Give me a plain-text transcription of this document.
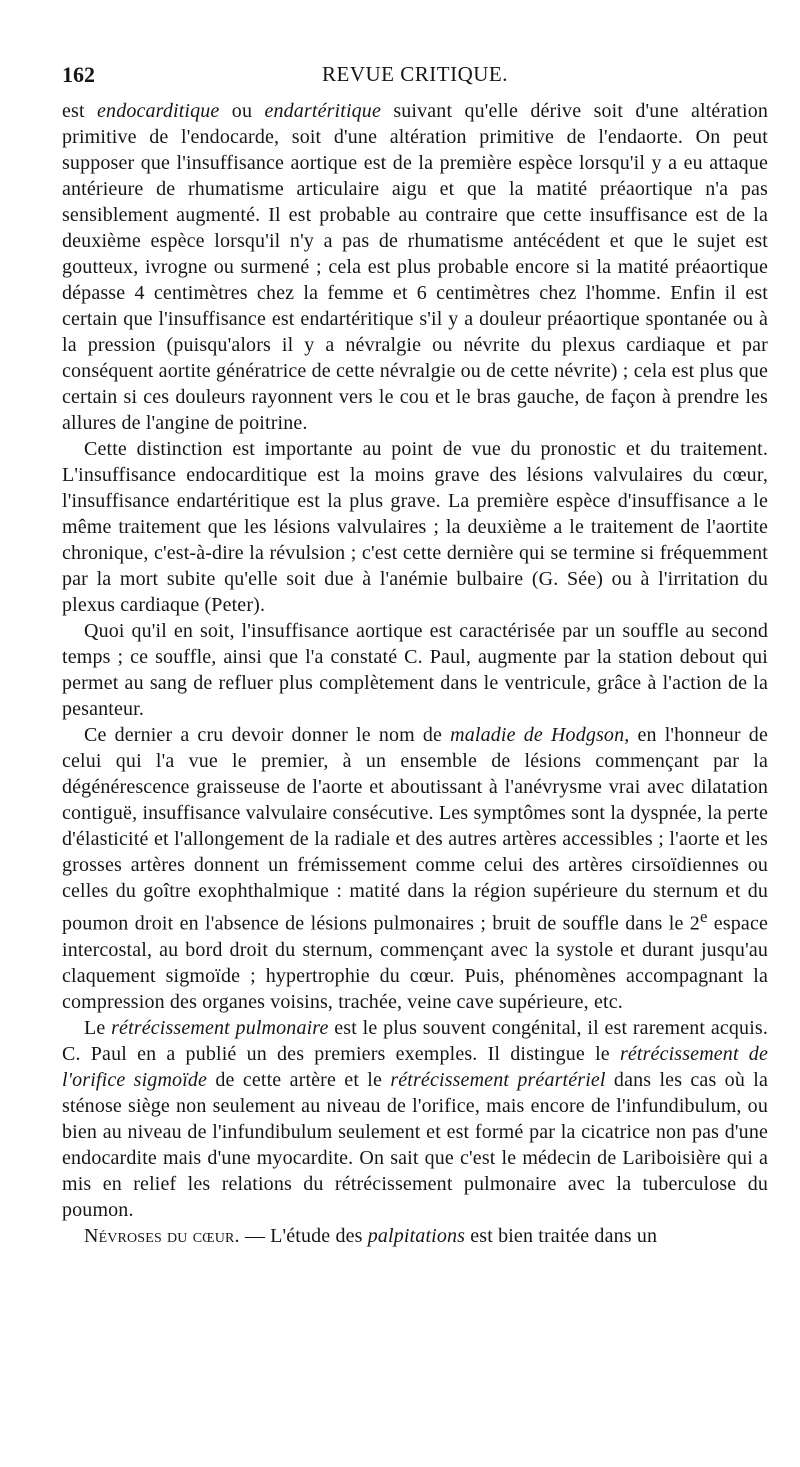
162	REVUE CRITIQUE.

est endocarditique ou endartéritique suivant qu'elle dérive soit d'une altération primitive de l'endocarde, soit d'une altération primitive de l'endaorte. On peut supposer que l'insuffisance aortique est de la première espèce lorsqu'il y a eu attaque antérieure de rhumatisme articulaire aigu et que la matité préaortique n'a pas sensiblement augmenté. Il est probable au contraire que cette insuffisance est de la deuxième espèce lorsqu'il n'y a pas de rhumatisme antécédent et que le sujet est goutteux, ivrogne ou surmené ; cela est plus probable encore si la matité préaortique dépasse 4 centimètres chez la femme et 6 centimètres chez l'homme. Enfin il est certain que l'insuffisance est endartéritique s'il y a douleur préaortique spontanée ou à la pression (puisqu'alors il y a névralgie ou névrite du plexus cardiaque et par conséquent aortite génératrice de cette névralgie ou de cette névrite) ; cela est plus que certain si ces douleurs rayonnent vers le cou et le bras gauche, de façon à prendre les allures de l'angine de poitrine.

Cette distinction est importante au point de vue du pronostic et du traitement. L'insuffisance endocarditique est la moins grave des lésions valvulaires du cœur, l'insuffisance endartéritique est la plus grave. La première espèce d'insuffisance a le même traitement que les lésions valvulaires ; la deuxième a le traitement de l'aortite chronique, c'est-à-dire la révulsion ; c'est cette dernière qui se termine si fréquemment par la mort subite qu'elle soit due à l'anémie bulbaire (G. Sée) ou à l'irritation du plexus cardiaque (Peter).

Quoi qu'il en soit, l'insuffisance aortique est caractérisée par un souffle au second temps ; ce souffle, ainsi que l'a constaté C. Paul, augmente par la station debout qui permet au sang de refluer plus complètement dans le ventricule, grâce à l'action de la pesanteur.

Ce dernier a cru devoir donner le nom de maladie de Hodgson, en l'honneur de celui qui l'a vue le premier, à un ensemble de lésions commençant par la dégénérescence graisseuse de l'aorte et aboutissant à l'anévrysme vrai avec dilatation contiguë, insuffisance valvulaire consécutive. Les symptômes sont la dyspnée, la perte d'élasticité et l'allongement de la radiale et des autres artères accessibles ; l'aorte et les grosses artères donnent un frémissement comme celui des artères cirsoïdiennes ou celles du goître exophthalmique : matité dans la région supérieure du sternum et du poumon droit en l'absence de lésions pulmonaires ; bruit de souffle dans le 2e espace intercostal, au bord droit du sternum, commençant avec la systole et durant jusqu'au claquement sigmoïde ; hypertrophie du cœur. Puis, phénomènes accompagnant la compression des organes voisins, trachée, veine cave supérieure, etc.

Le rétrécissement pulmonaire est le plus souvent congénital, il est rarement acquis. C. Paul en a publié un des premiers exemples. Il distingue le rétrécissement de l'orifice sigmoïde de cette artère et le rétrécissement préartériel dans les cas où la sténose siège non seulement au niveau de l'orifice, mais encore de l'infundibulum, ou bien au niveau de l'infundibulum seulement et est formé par la cicatrice non pas d'une endocardite mais d'une myocardite. On sait que c'est le médecin de Lariboisière qui a mis en relief les relations du rétrécissement pulmonaire avec la tuberculose du poumon.

Névroses du cœur. — L'étude des palpitations est bien traitée dans un
